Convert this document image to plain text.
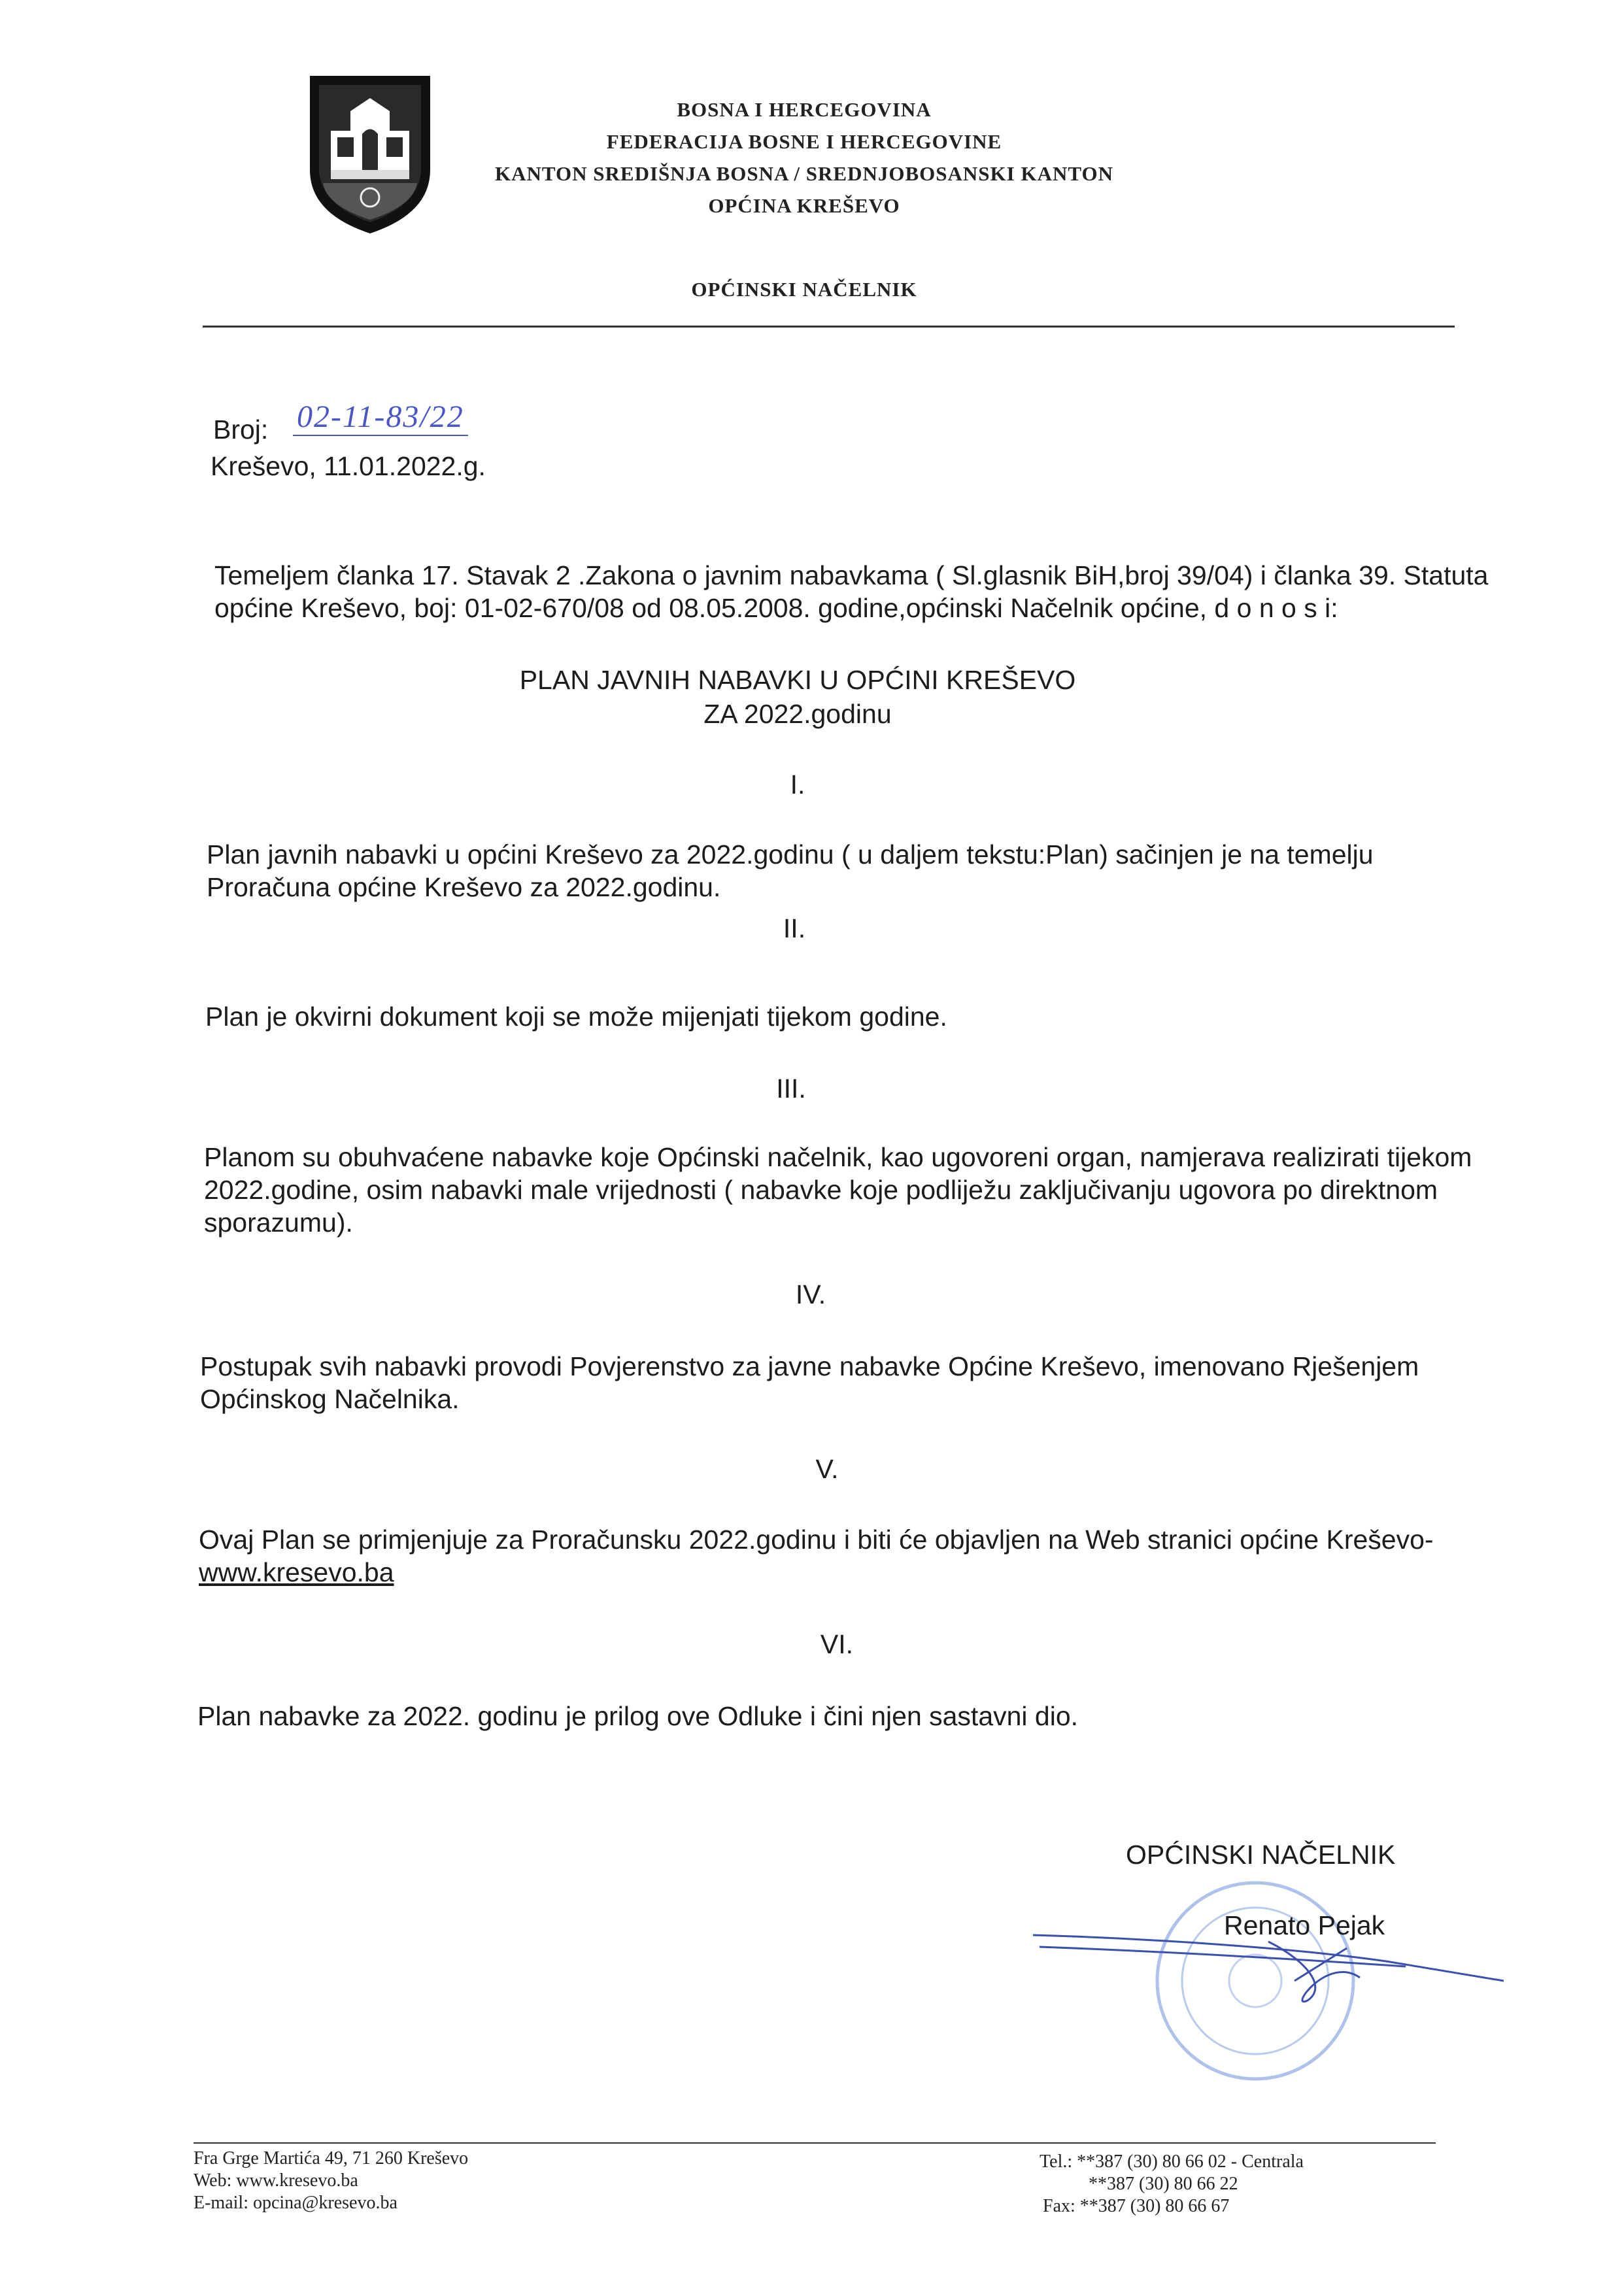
BOSNA I HERCEGOVINA
FEDERACIJA BOSNE I HERCEGOVINE
KANTON SREDIŠNJA BOSNA / SREDNJOBOSANSKI KANTON
OPĆINA KREŠEVO
OPĆINSKI NAČELNIK
Broj: 02-11-83/22
Kreševo, 11.01.2022.g.
Temeljem članka 17. Stavak 2 .Zakona o javnim nabavkama ( Sl.glasnik BiH,broj 39/04) i članka 39. Statuta
općine Kreševo, boj: 01-02-670/08 od 08.05.2008. godine,općinski Načelnik općine, d o n o s i:
PLAN JAVNIH NABAVKI U OPĆINI KREŠEVO
ZA 2022.godinu
I.
Plan javnih nabavki u općini Kreševo za 2022.godinu ( u daljem tekstu:Plan) sačinjen je na temelju
Proračuna općine Kreševo za 2022.godinu.
II.
Plan je okvirni dokument koji se može mijenjati tijekom godine.
III.
Planom su obuhvaćene nabavke koje Općinski načelnik, kao ugovoreni organ, namjerava realizirati tijekom
2022.godine, osim nabavki male vrijednosti ( nabavke koje podliježu zaključivanju ugovora po direktnom
sporazumu).
IV.
Postupak svih nabavki provodi Povjerenstvo za javne nabavke Općine Kreševo, imenovano Rješenjem
Općinskog Načelnika.
V.
Ovaj Plan se primjenjuje za Proračunsku 2022.godinu i biti će objavljen na Web stranici općine Kreševo-
www.kresevo.ba
VI.
Plan nabavke za 2022. godinu je prilog ove Odluke i čini njen sastavni dio.
OPĆINSKI NAČELNIK
Renato Pejak
Fra Grge Martića 49, 71 260 Kreševo
Web: www.kresevo.ba
E-mail: opcina@kresevo.ba
Tel.: **387 (30) 80 66 02 - Centrala
**387 (30) 80 66 22
Fax: **387 (30) 80 66 67
